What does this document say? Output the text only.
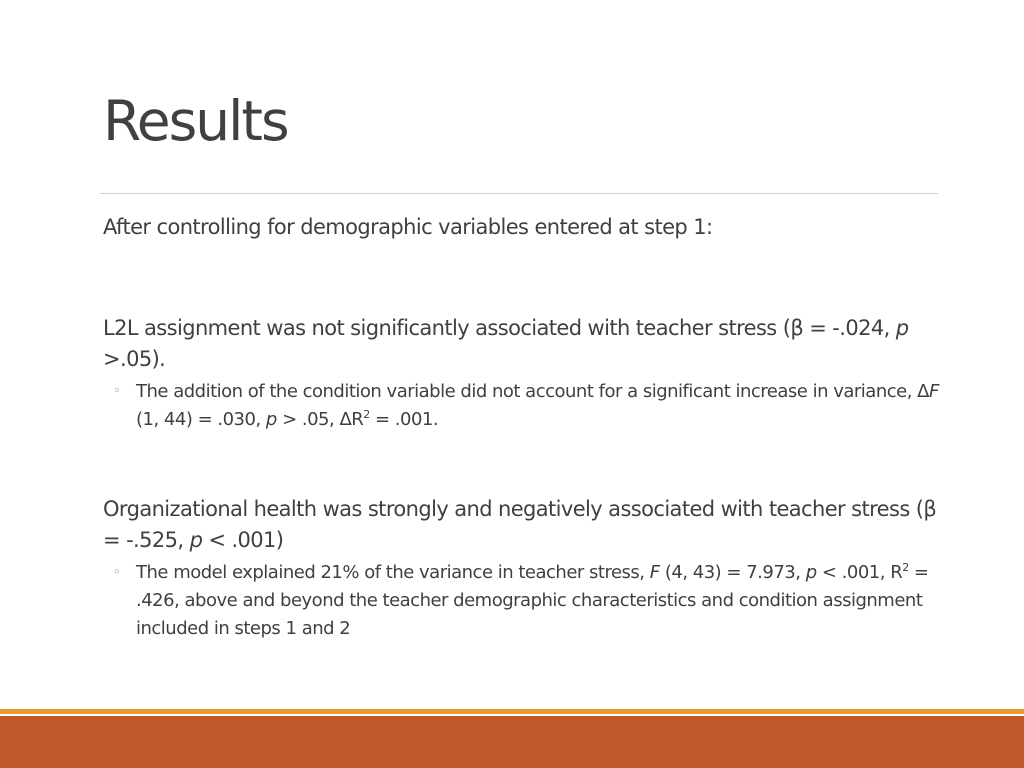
Results

After controlling for demographic variables entered at step 1:

L2L assignment was not significantly associated with teacher stress (β = -.024, p >.05).

◦ The addition of the condition variable did not account for a significant increase in variance, ΔF (1, 44) = .030, p > .05, $\Delta R^2 = .001$.

Organizational health was strongly and negatively associated with teacher stress (β = -.525, p < .001)

◦ The model explained 21% of the variance in teacher stress, F (4, 43) = 7.973, p < .001, $R^2 = .426$, above and beyond the teacher demographic characteristics and condition assignment included in steps 1 and 2
